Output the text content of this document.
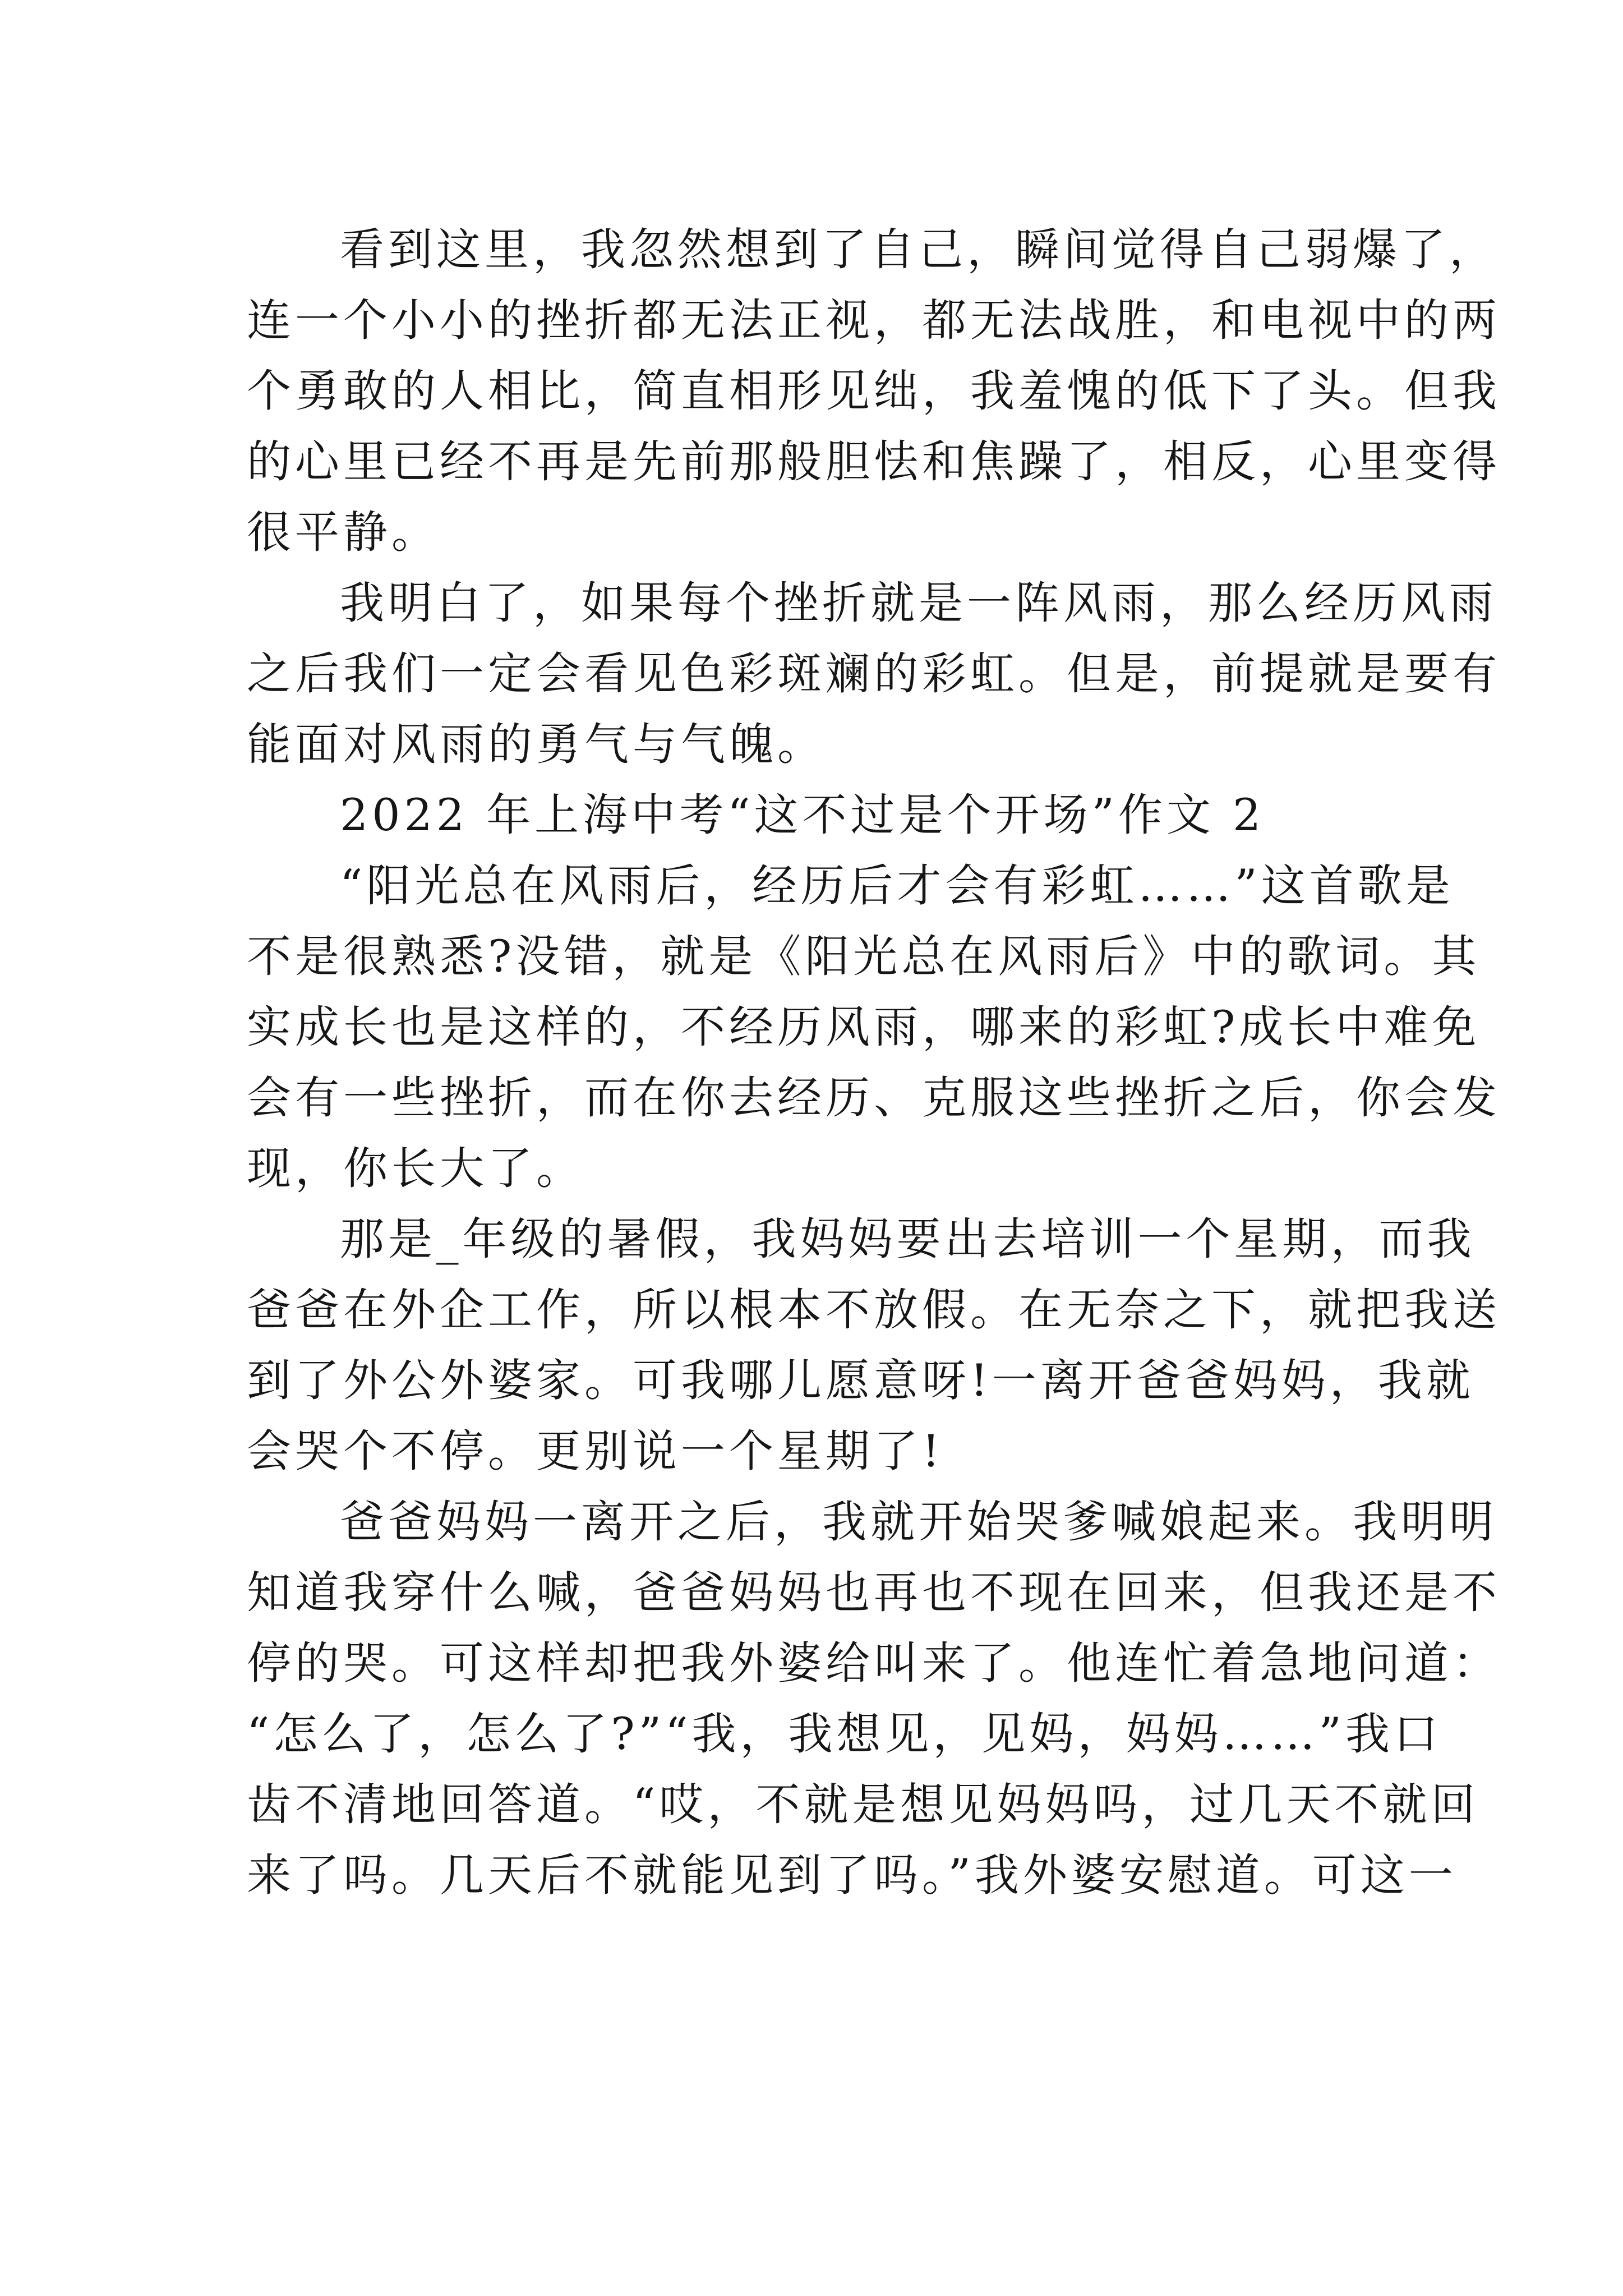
看到这里，我忽然想到了自己，瞬间觉得自己弱爆了，
连一个小小的挫折都无法正视，都无法战胜，和电视中的两
个勇敢的人相比，简直相形见绌，我羞愧的低下了头。但我
的心里已经不再是先前那般胆怯和焦躁了，相反，心里变得
很平静。
我明白了，如果每个挫折就是一阵风雨，那么经历风雨
之后我们一定会看见色彩斑斓的彩虹。但是，前提就是要有
能面对风雨的勇气与气魄。
2022 年上海中考“这不过是个开场”作文 2
“阳光总在风雨后，经历后才会有彩虹……”这首歌是
不是很熟悉?没错，就是《阳光总在风雨后》中的歌词。其
实成长也是这样的，不经历风雨，哪来的彩虹?成长中难免
会有一些挫折，而在你去经历、克服这些挫折之后，你会发
现，你长大了。
那是_年级的暑假，我妈妈要出去培训一个星期，而我
爸爸在外企工作，所以根本不放假。在无奈之下，就把我送
到了外公外婆家。可我哪儿愿意呀!一离开爸爸妈妈，我就
会哭个不停。更别说一个星期了!
爸爸妈妈一离开之后，我就开始哭爹喊娘起来。我明明
知道我穿什么喊，爸爸妈妈也再也不现在回来，但我还是不
停的哭。可这样却把我外婆给叫来了。他连忙着急地问道：
“怎么了，怎么了?”“我，我想见，见妈，妈妈……”我口
齿不清地回答道。“哎，不就是想见妈妈吗，过几天不就回
来了吗。几天后不就能见到了吗。”我外婆安慰道。可这一
